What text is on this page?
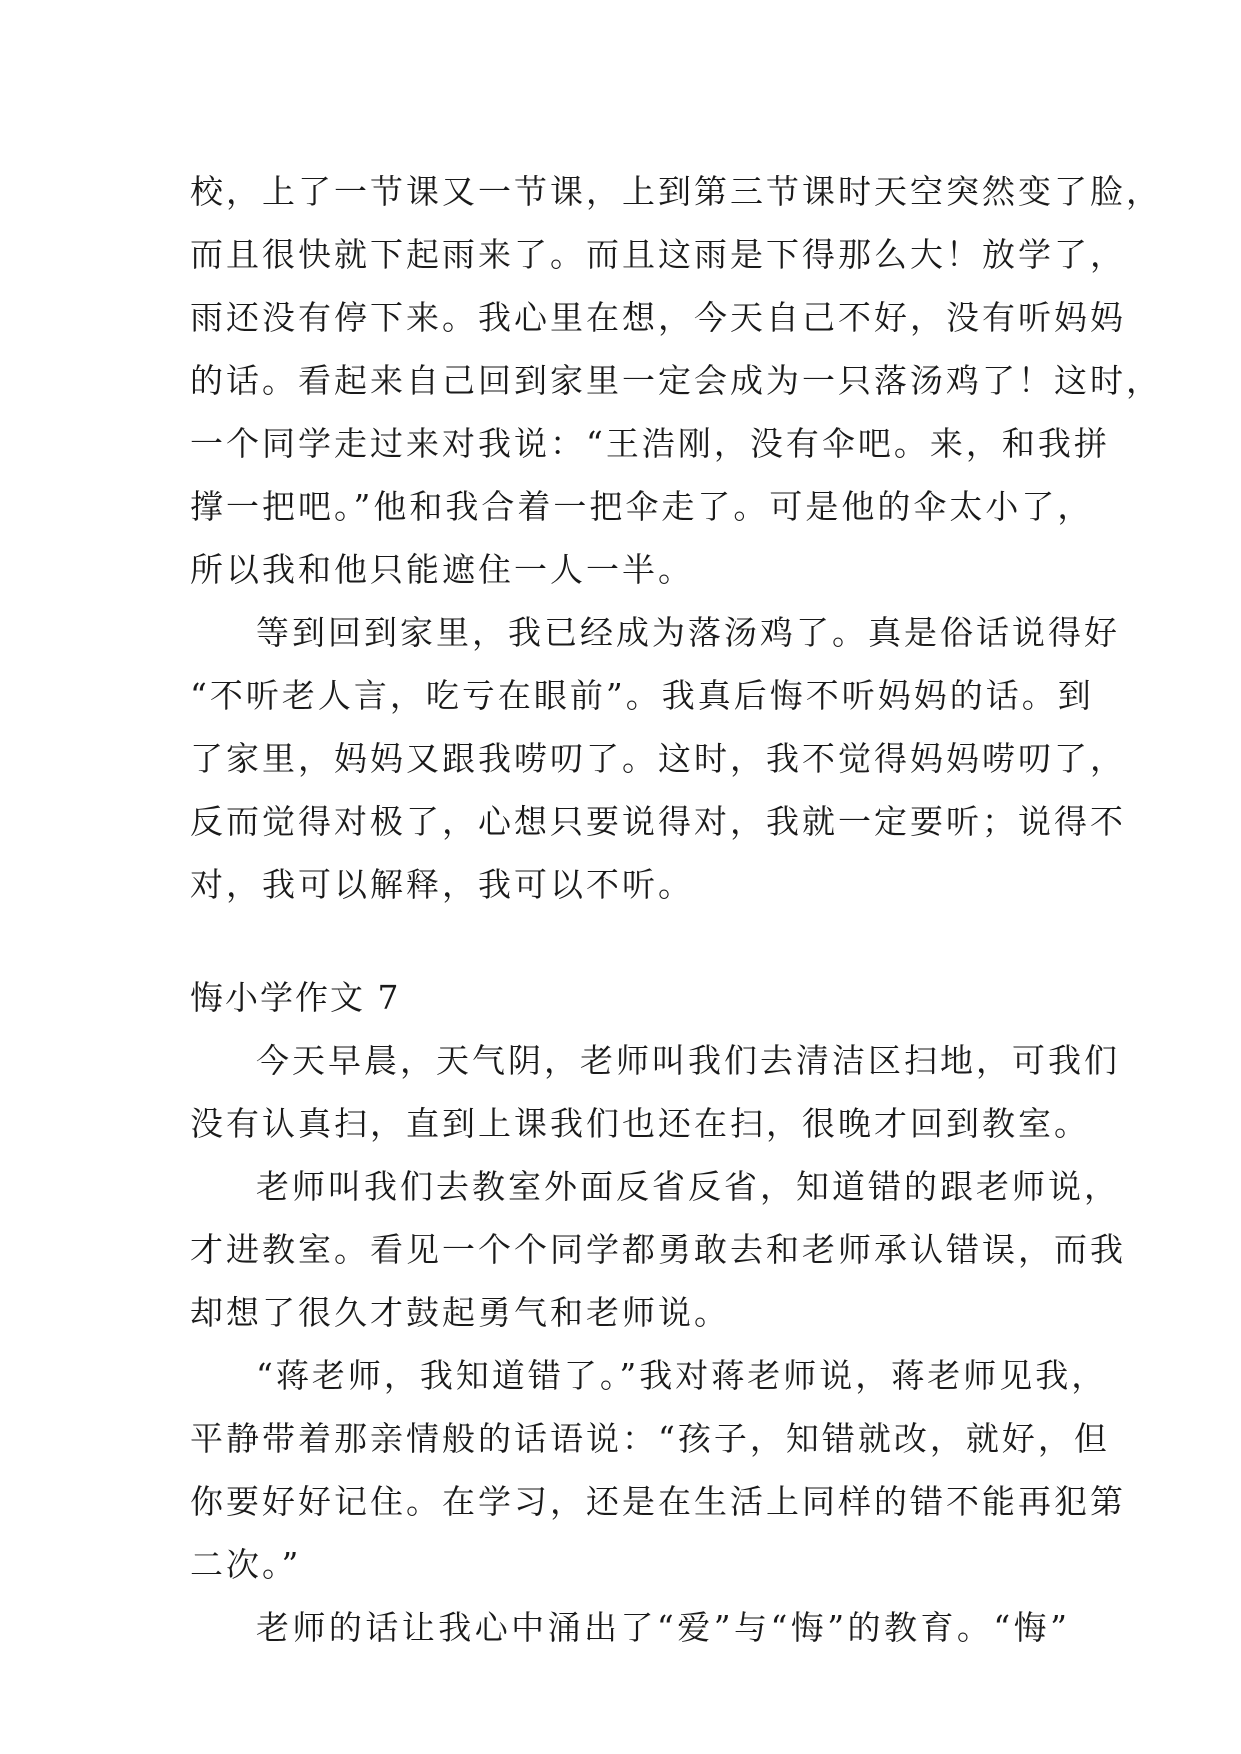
校，上了一节课又一节课，上到第三节课时天空突然变了脸，
而且很快就下起雨来了。而且这雨是下得那么大！放学了，
雨还没有停下来。我心里在想，今天自己不好，没有听妈妈
的话。看起来自己回到家里一定会成为一只落汤鸡了！这时，
一个同学走过来对我说：“王浩刚，没有伞吧。来，和我拼
撑一把吧。”他和我合着一把伞走了。可是他的伞太小了，
所以我和他只能遮住一人一半。
等到回到家里，我已经成为落汤鸡了。真是俗话说得好
“不听老人言，吃亏在眼前”。我真后悔不听妈妈的话。到
了家里，妈妈又跟我唠叨了。这时，我不觉得妈妈唠叨了，
反而觉得对极了，心想只要说得对，我就一定要听；说得不
对，我可以解释，我可以不听。
悔小学作文 7
今天早晨，天气阴，老师叫我们去清洁区扫地，可我们
没有认真扫，直到上课我们也还在扫，很晚才回到教室。
老师叫我们去教室外面反省反省，知道错的跟老师说，
才进教室。看见一个个同学都勇敢去和老师承认错误，而我
却想了很久才鼓起勇气和老师说。
“蒋老师，我知道错了。”我对蒋老师说，蒋老师见我，
平静带着那亲情般的话语说：“孩子，知错就改，就好，但
你要好好记住。在学习，还是在生活上同样的错不能再犯第
二次。”
老师的话让我心中涌出了“爱”与“悔”的教育。“悔”
